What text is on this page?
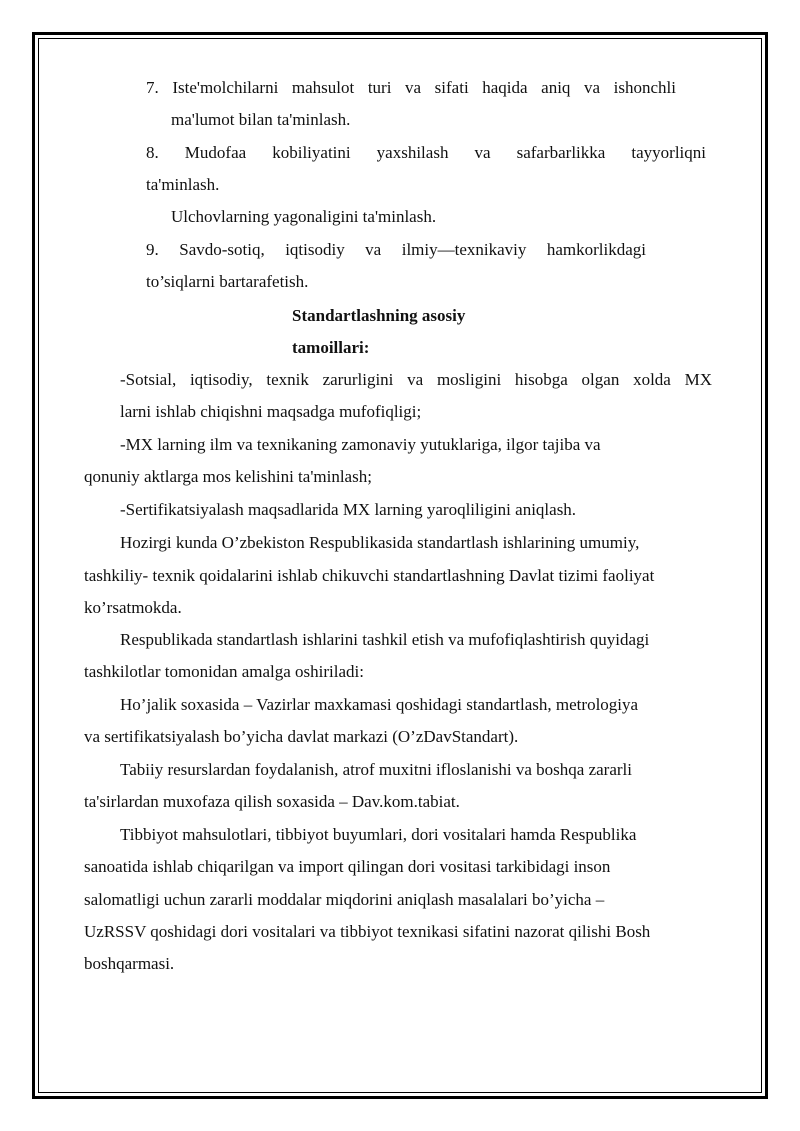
7. Iste'molchilarni mahsulot turi va sifati haqida aniq va ishonchli
ma'lumot bilan ta'minlash.
8. Mudofaa kobiliyatini yaxshilash va safarbarlikka tayyorliqni
ta'minlash.
Ulchovlarning yagonaligini ta'minlash.
9. Savdo-sotiq, iqtisodiy va ilmiy—texnikaviy hamkorlikdagi
to’siqlarni bartarafetish.
Standartlashning asosiy
tamoillari:
-Sotsial, iqtisodiy, texnik zarurligini va mosligini hisobga olgan xolda MX
larni ishlab chiqishni maqsadga mufofiqligi;
-MX larning ilm va texnikaning zamonaviy yutuklariga, ilgor tajiba va
qonuniy aktlarga mos kelishini ta'minlash;
-Sertifikatsiyalash maqsadlarida MX larning yaroqliligini aniqlash.
Hozirgi kunda O’zbekiston Respublikasida standartlash ishlarining umumiy,
tashkiliy- texnik qoidalarini ishlab chikuvchi standartlashning Davlat tizimi faoliyat
ko’rsatmokda.
Respublikada standartlash ishlarini tashkil etish va mufofiqlashtirish quyidagi
tashkilotlar tomonidan amalga oshiriladi:
Ho’jalik soxasida – Vazirlar maxkamasi qoshidagi standartlash, metrologiya
va sertifikatsiyalash bo’yicha davlat markazi (O’zDavStandart).
Tabiiy resurslardan foydalanish, atrof muxitni ifloslanishi va boshqa zararli
ta'sirlardan muxofaza qilish soxasida – Dav.kom.tabiat.
Tibbiyot mahsulotlari, tibbiyot buyumlari, dori vositalari hamda Respublika
sanoatida ishlab chiqarilgan va import qilingan dori vositasi tarkibidagi inson
salomatligi uchun zararli moddalar miqdorini aniqlash masalalari bo’yicha –
UzRSSV qoshidagi dori vositalari va tibbiyot texnikasi sifatini nazorat qilishi Bosh
boshqarmasi.
